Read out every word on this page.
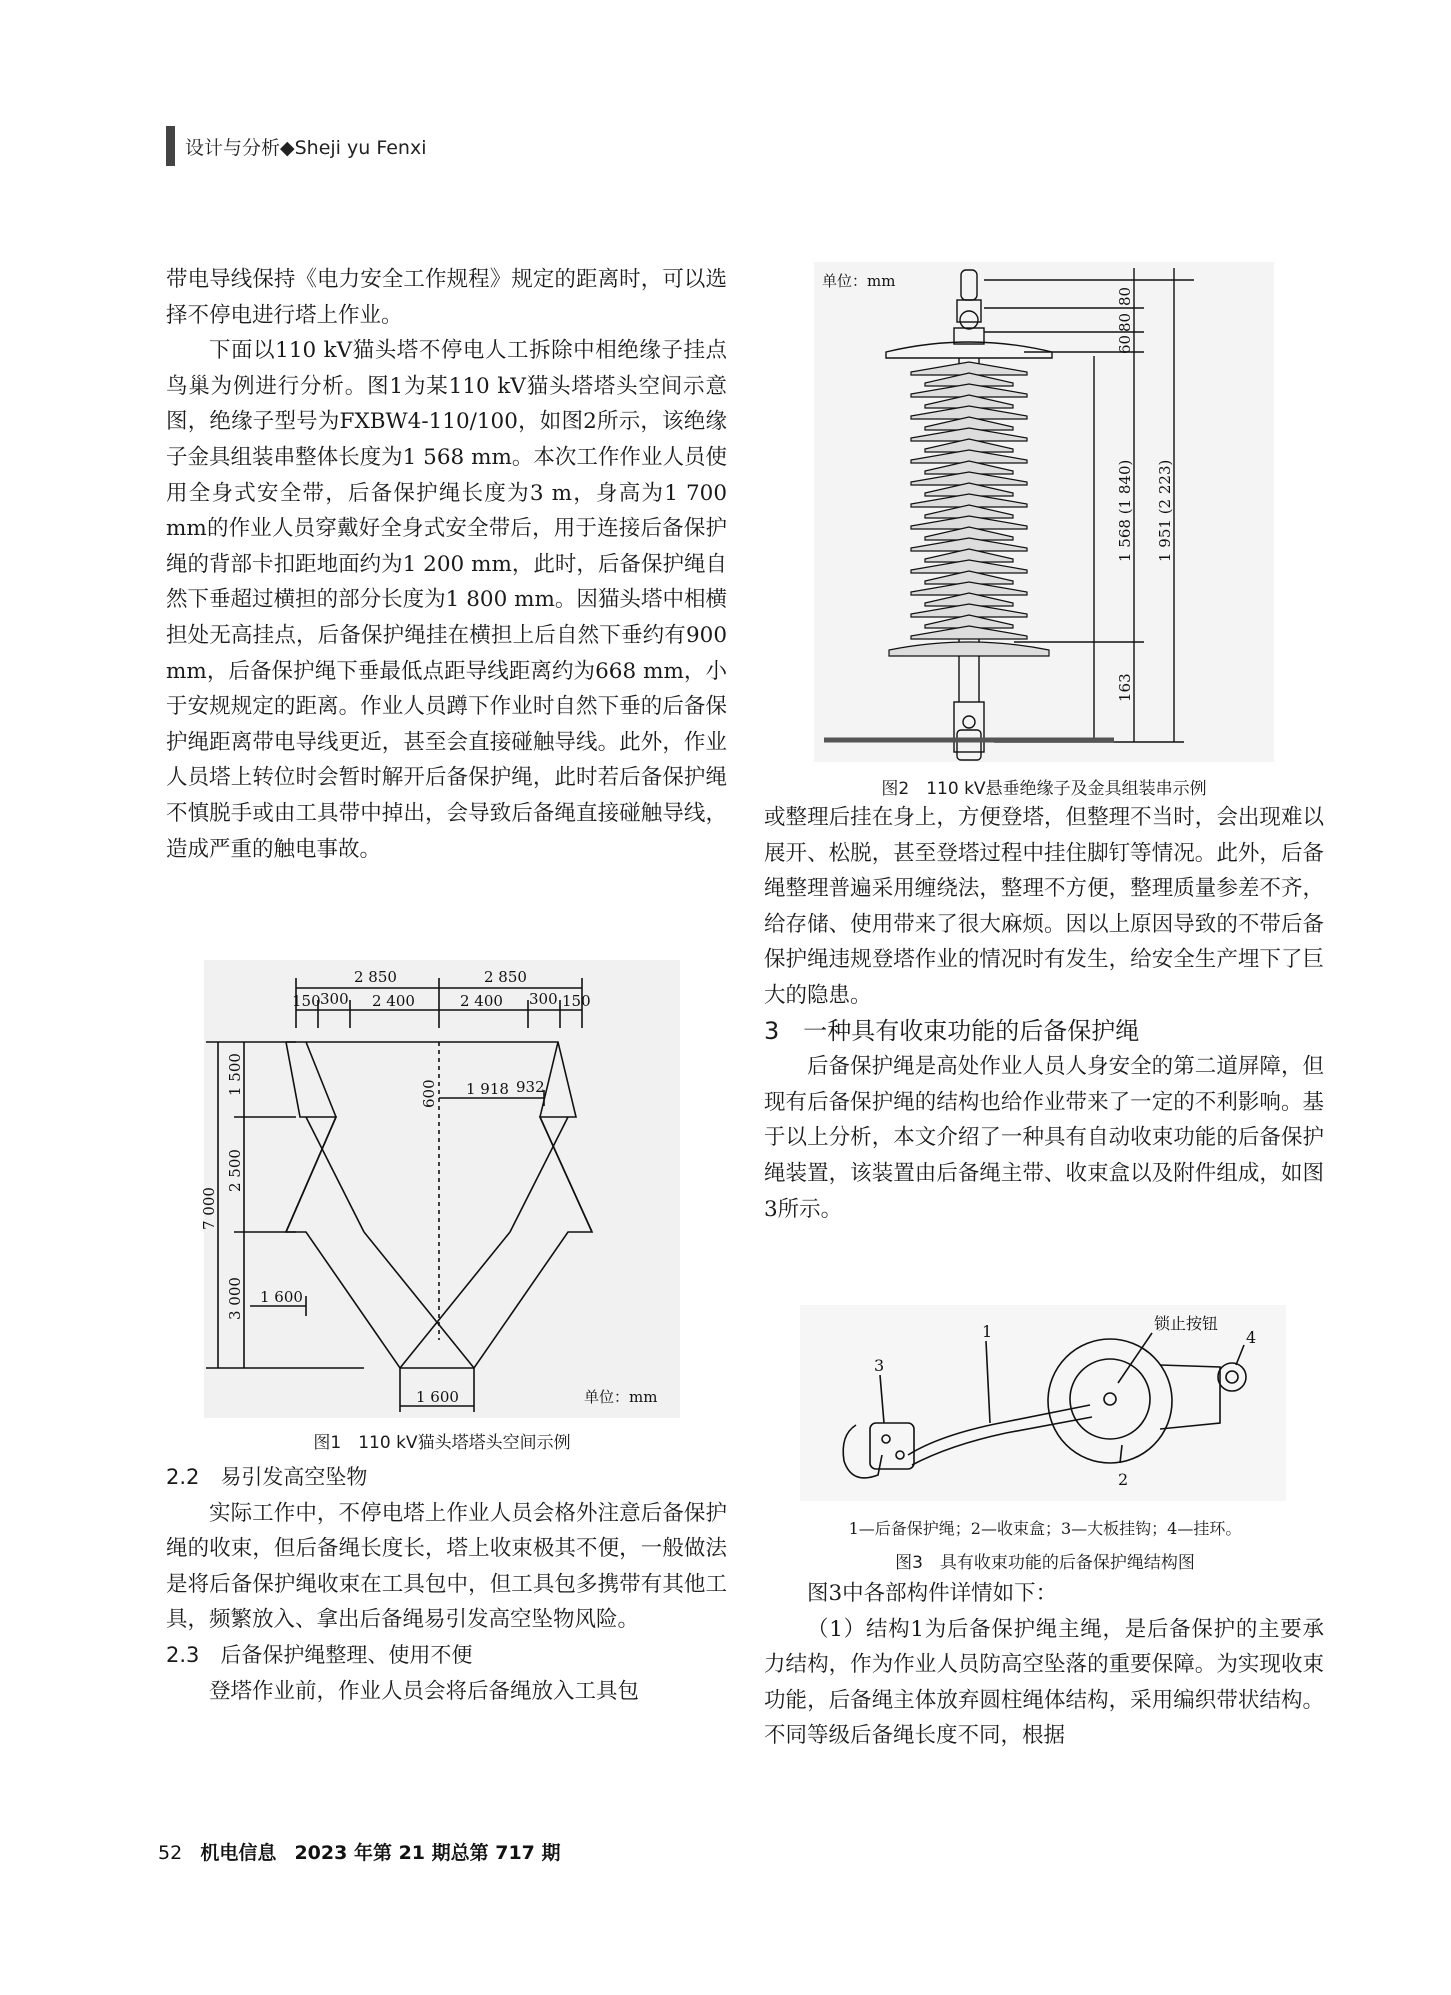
设计与分析◆Sheji yu Fenxi

带电导线保持《电力安全工作规程》规定的距离时，可以选择不停电进行塔上作业。

下面以110 kV猫头塔不停电人工拆除中相绝缘子挂点鸟巢为例进行分析。图1为某110 kV猫头塔塔头空间示意图，绝缘子型号为FXBW4-110/100，如图2所示，该绝缘子金具组装串整体长度为1 568 mm。本次工作作业人员使用全身式安全带，后备保护绳长度为3 m，身高为1 700 mm的作业人员穿戴好全身式安全带后，用于连接后备保护绳的背部卡扣距地面约为1 200 mm，此时，后备保护绳自然下垂超过横担的部分长度为1 800 mm。因猫头塔中相横担处无高挂点，后备保护绳挂在横担上后自然下垂约有900 mm，后备保护绳下垂最低点距导线距离约为668 mm，小于安规规定的距离。作业人员蹲下作业时自然下垂的后备保护绳距离带电导线更近，甚至会直接碰触导线。此外，作业人员塔上转位时会暂时解开后备保护绳，此时若后备保护绳不慎脱手或由工具带中掉出，会导致后备绳直接碰触导线，造成严重的触电事故。

2 850	2 850
150 300 2 400	2 400 300 150
600 1 918 932
1 600
1 600
1 500
2 500
3 000
7 000
单位：mm
图1　110 kV猫头塔塔头空间示例

2.2　易引发高空坠物

实际工作中，不停电塔上作业人员会格外注意后备保护绳的收束，但后备绳长度长，塔上收束极其不便，一般做法是将后备保护绳收束在工具包中，但工具包多携带有其他工具，频繁放入、拿出后备绳易引发高空坠物风险。

2.3　后备保护绳整理、使用不便

登塔作业前，作业人员会将后备绳放入工具包

单位：mm
80
80
60
1 568 (1 840) 1 951 (2 223)
163
图2　110 kV悬垂绝缘子及金具组装串示例

或整理后挂在身上，方便登塔，但整理不当时，会出现难以展开、松脱，甚至登塔过程中挂住脚钉等情况。此外，后备绳整理普遍采用缠绕法，整理不方便，整理质量参差不齐，给存储、使用带来了很大麻烦。因以上原因导致的不带后备保护绳违规登塔作业的情况时有发生，给安全生产埋下了巨大的隐患。

3　一种具有收束功能的后备保护绳

后备保护绳是高处作业人员人身安全的第二道屏障，但现有后备保护绳的结构也给作业带来了一定的不利影响。基于以上分析，本文介绍了一种具有自动收束功能的后备保护绳装置，该装置由后备绳主带、收束盒以及附件组成，如图3所示。

锁止按钮
1
3
4
2
1—后备保护绳；2—收束盒；3—大板挂钩；4—挂环。
图3　具有收束功能的后备保护绳结构图

图3中各部构件详情如下：

（1）结构1为后备保护绳主绳，是后备保护的主要承力结构，作为作业人员防高空坠落的重要保障。为实现收束功能，后备绳主体放弃圆柱绳体结构，采用编织带状结构。不同等级后备绳长度不同，根据

52 机电信息 2023 年第 21 期总第 717 期
